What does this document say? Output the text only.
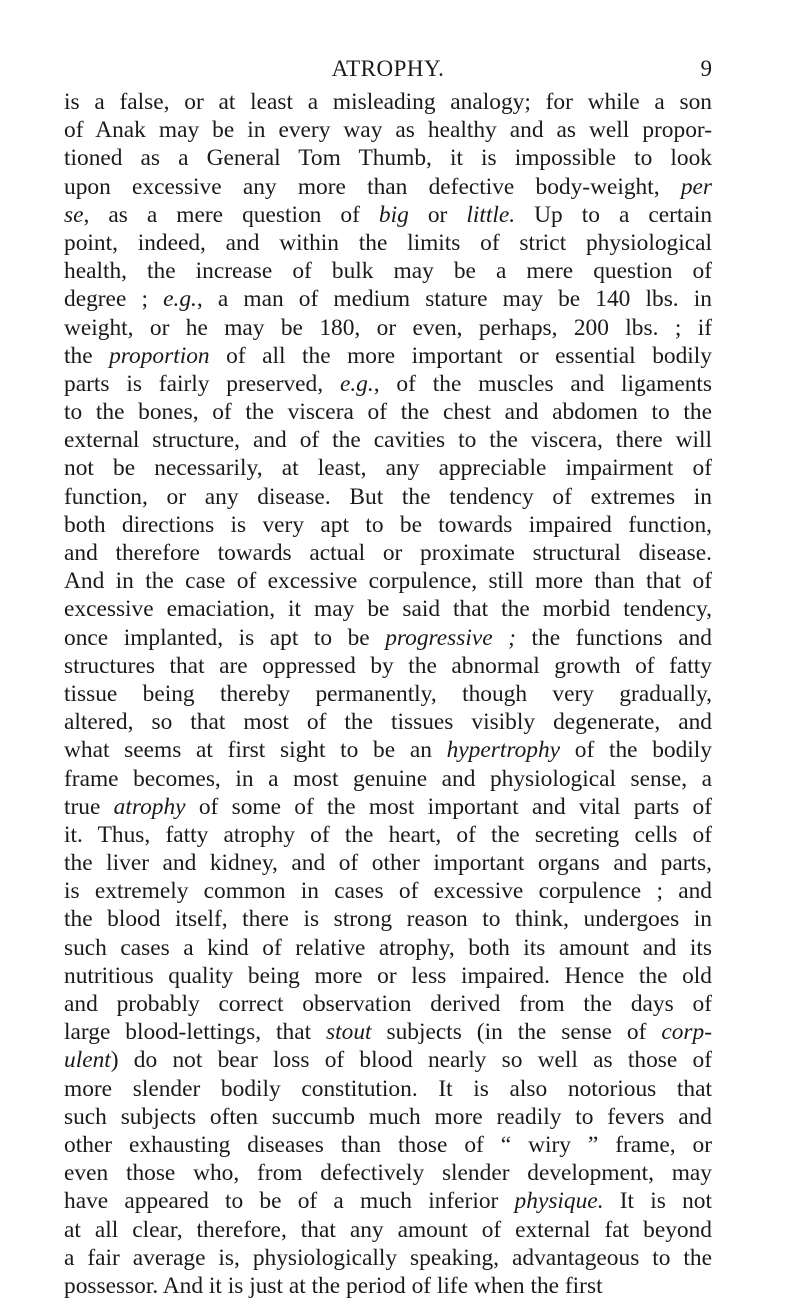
ATROPHY.	9
is a false, or at least a misleading analogy; for while a son
of Anak may be in every way as healthy and as well propor-
tioned as a General Tom Thumb, it is impossible to look
upon excessive any more than defective body-weight, per
se, as a mere question of big or little. Up to a certain
point, indeed, and within the limits of strict physiological
health, the increase of bulk may be a mere question of
degree ; e.g., a man of medium stature may be 140 lbs. in
weight, or he may be 180, or even, perhaps, 200 lbs. ; if
the proportion of all the more important or essential bodily
parts is fairly preserved, e.g., of the muscles and ligaments
to the bones, of the viscera of the chest and abdomen to the
external structure, and of the cavities to the viscera, there will
not be necessarily, at least, any appreciable impairment of
function, or any disease. But the tendency of extremes in
both directions is very apt to be towards impaired function,
and therefore towards actual or proximate structural disease.
And in the case of excessive corpulence, still more than that of
excessive emaciation, it may be said that the morbid tendency,
once implanted, is apt to be progressive ; the functions and
structures that are oppressed by the abnormal growth of fatty
tissue being thereby permanently, though very gradually,
altered, so that most of the tissues visibly degenerate, and
what seems at first sight to be an hypertrophy of the bodily
frame becomes, in a most genuine and physiological sense, a
true atrophy of some of the most important and vital parts of
it. Thus, fatty atrophy of the heart, of the secreting cells of
the liver and kidney, and of other important organs and parts,
is extremely common in cases of excessive corpulence ; and
the blood itself, there is strong reason to think, undergoes in
such cases a kind of relative atrophy, both its amount and its
nutritious quality being more or less impaired. Hence the old
and probably correct observation derived from the days of
large blood-lettings, that stout subjects (in the sense of corp-
ulent) do not bear loss of blood nearly so well as those of
more slender bodily constitution. It is also notorious that
such subjects often succumb much more readily to fevers and
other exhausting diseases than those of “ wiry ” frame, or
even those who, from defectively slender development, may
have appeared to be of a much inferior physique. It is not
at all clear, therefore, that any amount of external fat beyond
a fair average is, physiologically speaking, advantageous to the
possessor. And it is just at the period of life when the first
